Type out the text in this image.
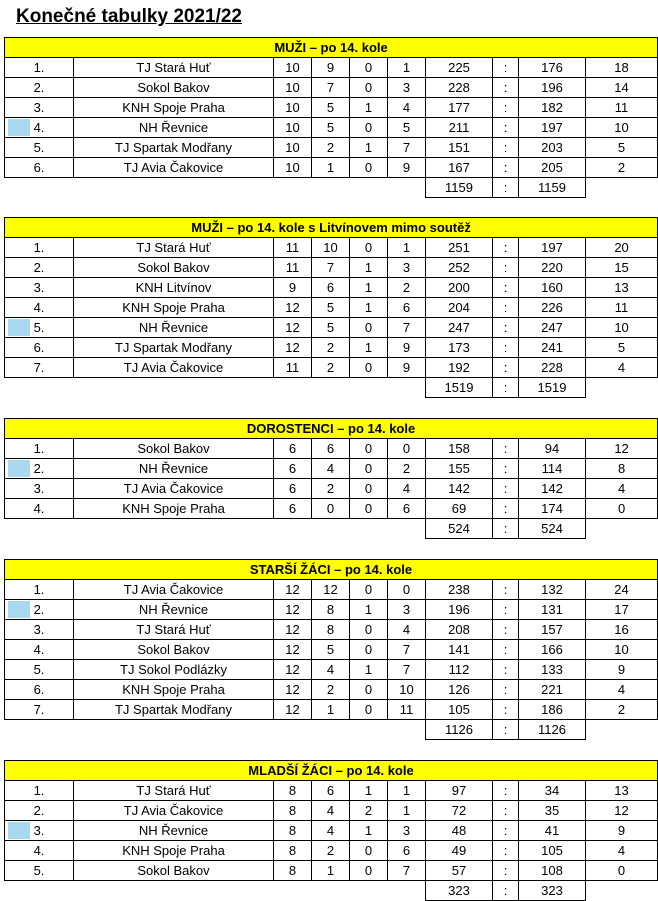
Konečné tabulky 2021/22
MUŽI – po 14. kole									
1.	TJ Stará Huť	10	9	0	1	225	:	176	18
2.	Sokol Bakov	10	7	0	3	228	:	196	14
3.	KNH Spoje Praha	10	5	1	4	177	:	182	11

4.	NH Řevnice	10	5	0	5	211	:	197	10
5.	TJ Spartak Modřany	10	2	1	7	151	:	203	5
6.	TJ Avia Čakovice	10	1	0	9	167	:	205	2
						1159	:	1159	
MUŽI – po 14. kole s Litvínovem mimo soutěž									
1.	TJ Stará Huť	11	10	0	1	251	:	197	20
2.	Sokol Bakov	11	7	1	3	252	:	220	15
3.	KNH Litvínov	9	6	1	2	200	:	160	13
4.	KNH Spoje Praha	12	5	1	6	204	:	226	11

5.	NH Řevnice	12	5	0	7	247	:	247	10
6.	TJ Spartak Modřany	12	2	1	9	173	:	241	5
7.	TJ Avia Čakovice	11	2	0	9	192	:	228	4
						1519	:	1519	
DOROSTENCI – po 14. kole									
1.	Sokol Bakov	6	6	0	0	158	:	94	12

2.	NH Řevnice	6	4	0	2	155	:	114	8
3.	TJ Avia Čakovice	6	2	0	4	142	:	142	4
4.	KNH Spoje Praha	6	0	0	6	69	:	174	0
						524	:	524	
STARŠÍ ŽÁCI – po 14. kole									
1.	TJ Avia Čakovice	12	12	0	0	238	:	132	24

2.	NH Řevnice	12	8	1	3	196	:	131	17
3.	TJ Stará Huť	12	8	0	4	208	:	157	16
4.	Sokol Bakov	12	5	0	7	141	:	166	10
5.	TJ Sokol Podlázky	12	4	1	7	112	:	133	9
6.	KNH Spoje Praha	12	2	0	10	126	:	221	4
7.	TJ Spartak Modřany	12	1	0	11	105	:	186	2
						1126	:	1126	
MLADŠÍ ŽÁCI – po 14. kole									
1.	TJ Stará Huť	8	6	1	1	97	:	34	13
2.	TJ Avia Čakovice	8	4	2	1	72	:	35	12

3.	NH Řevnice	8	4	1	3	48	:	41	9
4.	KNH Spoje Praha	8	2	0	6	49	:	105	4
5.	Sokol Bakov	8	1	0	7	57	:	108	0
						323	:	323	
